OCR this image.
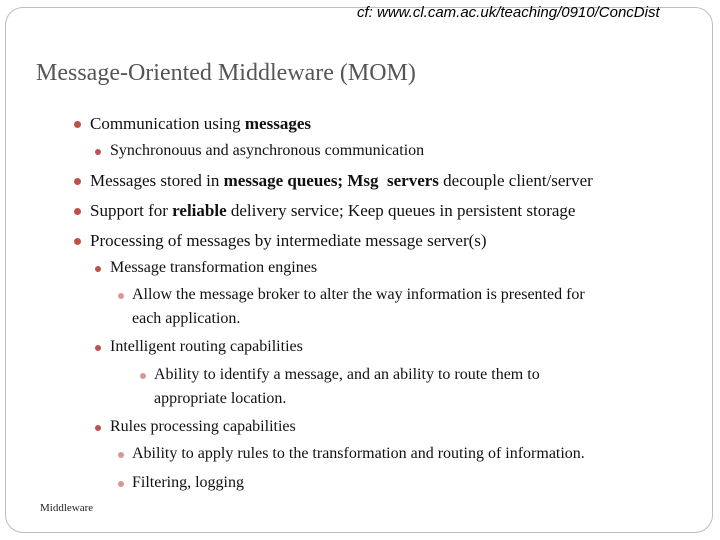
cf: www.cl.cam.ac.uk/teaching/0910/ConcDist
Message-Oriented Middleware (MOM)
Communication using messages
Synchronouus and asynchronous communication
Messages stored in message queues; Msg  servers decouple client/server
Support for reliable delivery service; Keep queues in persistent storage
Processing of messages by intermediate message server(s)
Message transformation engines
Allow the message broker to alter the way information is presented for
each application.
Intelligent routing capabilities
Ability to identify a message, and an ability to route them to
appropriate location.
Rules processing capabilities
Ability to apply rules to the transformation and routing of information.
Filtering, logging
Middleware
